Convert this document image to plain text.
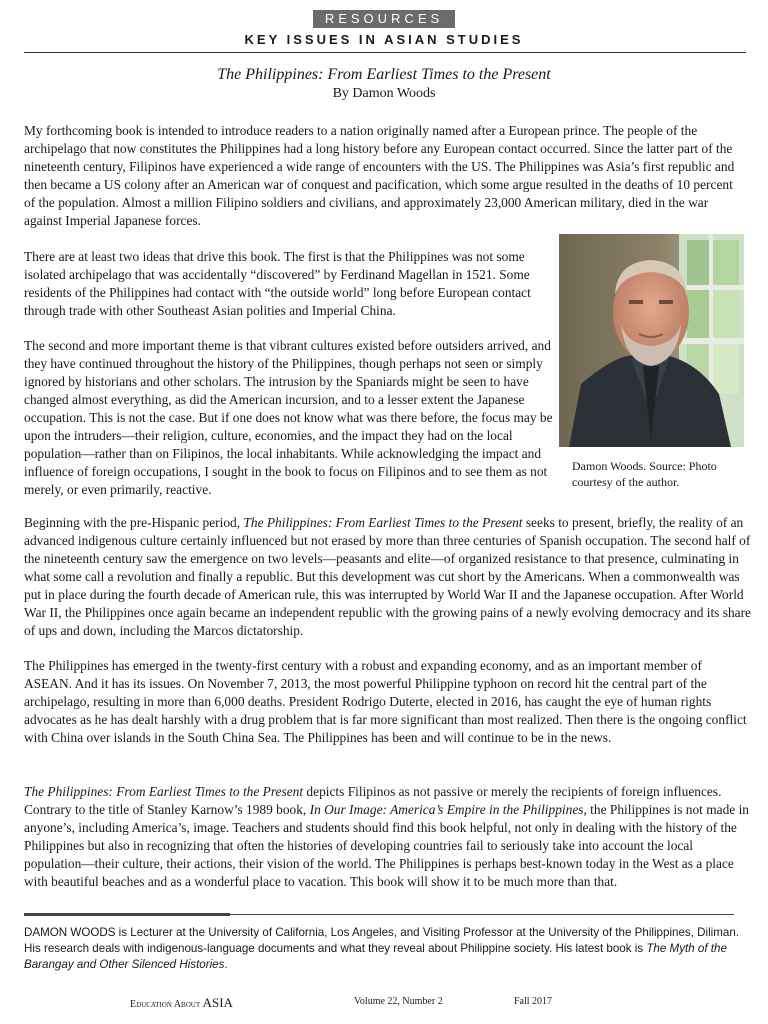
RESOURCES
KEY ISSUES IN ASIAN STUDIES
The Philippines: From Earliest Times to the Present
By Damon Woods

My forthcoming book is intended to introduce readers to a nation originally named after a European prince. The people of the archipelago that now constitutes the Philippines had a long history before any European contact occurred. Since the latter part of the nineteenth century, Filipinos have experienced a wide range of encounters with the US. The Philippines was Asia’s first republic and then became a US colony after an American war of conquest and pacification, which some argue resulted in the deaths of 10 percent of the population. Almost a million Filipino soldiers and civilians, and approximately 23,000 American military, died in the war against Imperial Japanese forces.

There are at least two ideas that drive this book. The first is that the Philippines was not some isolated archipelago that was accidentally “discovered” by Ferdinand Magellan in 1521. Some residents of the Philippines had contact with “the outside world” long before European contact through trade with other Southeast Asian polities and Imperial China.

The second and more important theme is that vibrant cultures existed before outsiders arrived, and they have continued throughout the history of the Philippines, though perhaps not seen or simply ignored by historians and other scholars. The intrusion by the Spaniards might be seen to have changed almost everything, as did the American incursion, and to a lesser extent the Japanese occupation. This is not the case. But if one does not know what was there before, the focus may be upon the intruders—their religion, culture, economies, and the impact they had on the local population—rather than on Filipinos, the local inhabitants. While acknowledging the impact and influence of foreign occupations, I sought in the book to focus on Filipinos and to see them as not merely, or even primarily, reactive.

Damon Woods. Source: Photo courtesy of the author.

Beginning with the pre-Hispanic period, The Philippines: From Earliest Times to the Present seeks to present, briefly, the reality of an advanced indigenous culture certainly influenced but not erased by more than three centuries of Spanish occupation. The second half of the nineteenth century saw the emergence on two levels—peasants and elite—of organized resistance to that presence, culminating in what some call a revolution and finally a republic. But this development was cut short by the Americans. When a commonwealth was put in place during the fourth decade of American rule, this was interrupted by World War II and the Japanese occupation. After World War II, the Philippines once again became an independent republic with the growing pains of a newly evolving democracy and its share of ups and down, including the Marcos dictatorship.

The Philippines has emerged in the twenty-first century with a robust and expanding economy, and as an important member of ASEAN. And it has its issues. On November 7, 2013, the most powerful Philippine typhoon on record hit the central part of the archipelago, resulting in more than 6,000 deaths. President Rodrigo Duterte, elected in 2016, has caught the eye of human rights advocates as he has dealt harshly with a drug problem that is far more significant than most realized. Then there is the ongoing conflict with China over islands in the South China Sea. The Philippines has been and will continue to be in the news.

The Philippines: From Earliest Times to the Present depicts Filipinos as not passive or merely the recipients of foreign influences. Contrary to the title of Stanley Karnow’s 1989 book, In Our Image: America’s Empire in the Philippines, the Philippines is not made in anyone’s, including America’s, image. Teachers and students should find this book helpful, not only in dealing with the history of the Philippines but also in recognizing that often the histories of developing countries fail to seriously take into account the local population—their culture, their actions, their vision of the world. The Philippines is perhaps best-known today in the West as a place with beautiful beaches and as a wonderful place to vacation. This book will show it to be much more than that.

DAMON WOODS is Lecturer at the University of California, Los Angeles, and Visiting Professor at the University of the Philippines, Diliman. His research deals with indigenous-language documents and what they reveal about Philippine society. His latest book is The Myth of the Barangay and Other Silenced Histories.

Education About ASIA	Volume 22, Number 2	Fall 2017
